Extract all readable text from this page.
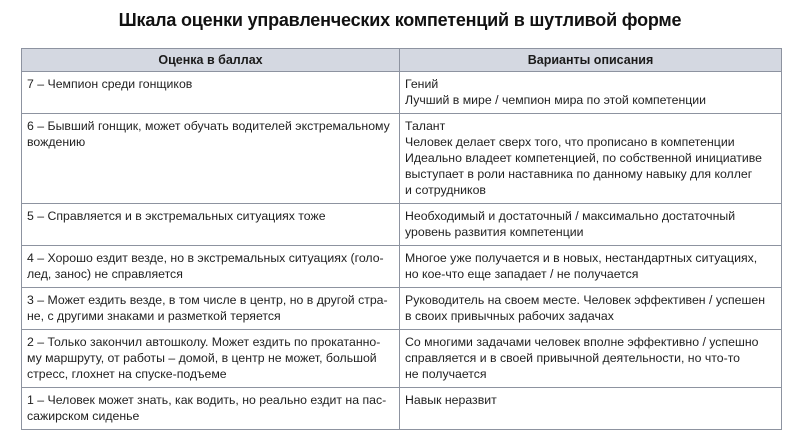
Шкала оценки управленческих компетенций в шутливой форме
Оценка в баллах	Варианты описания

7 – Чемпион среди гонщиков	Гений
Лучший в мире / чемпион мира по этой компетенции

6 – Бывший гонщик, может обучать водителей экстремальному
вождению	Талант
Человек делает сверх того, что прописано в компетенции
Идеально владеет компетенцией, по собственной инициативе
выступает в роли наставника по данному навыку для коллег
и сотрудников

5 – Справляется и в экстремальных ситуациях тоже	Необходимый и достаточный / максимально достаточный
уровень развития компетенции

4 – Хорошо ездит везде, но в экстремальных ситуациях (голо-
лед, занос) не справляется	Многое уже получается и в новых, нестандартных ситуациях,
но кое-что еще западает / не получается

3 – Может ездить везде, в том числе в центр, но в другой стра-
не, с другими знаками и разметкой теряется	Руководитель на своем месте. Человек эффективен / успешен
в своих привычных рабочих задачах

2 – Только закончил автошколу. Может ездить по прокатанно-
му маршруту, от работы – домой, в центр не может, большой
стресс, глохнет на спуске-подъеме	Со многими задачами человек вполне эффективно / успешно
справляется и в своей привычной деятельности, но что-то
не получается

1 – Человек может знать, как водить, но реально ездит на пас-
сажирском сиденье	Навык неразвит
